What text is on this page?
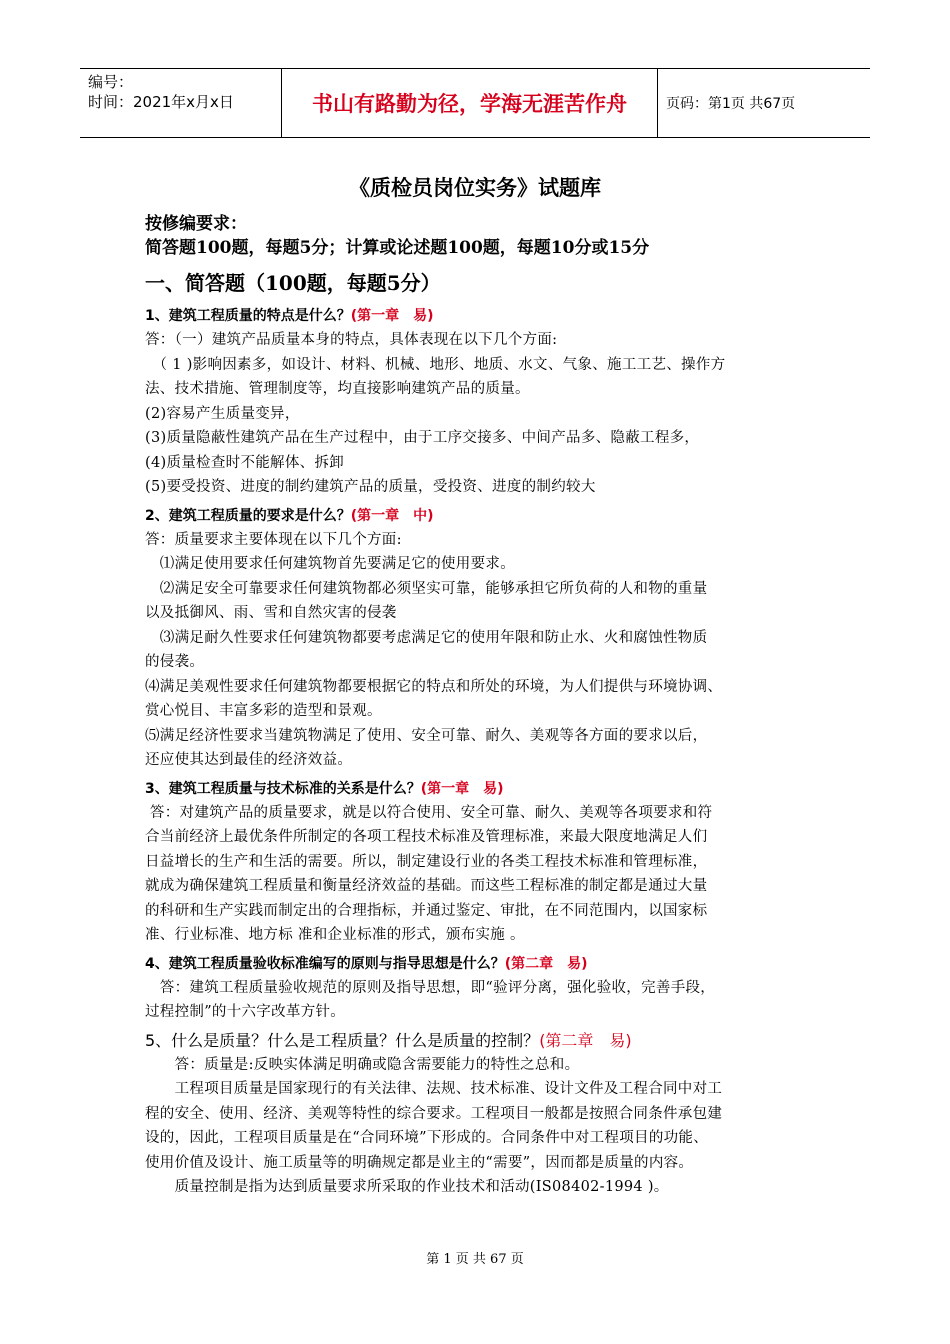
编号：
时间：2021年x月x日	书山有路勤为径，学海无涯苦作舟	页码：第1页 共67页
《质检员岗位实务》试题库
按修编要求：
简答题100题，每题5分；计算或论述题100题，每题10分或15分
一、简答题（100题，每题5分）
1、建筑工程质量的特点是什么？(第一章　易)

答：（一）建筑产品质量本身的特点，具体表现在以下几个方面:

　（ 1 )影响因素多，如设计、材料、机械、地形、地质、水文、气象、施工工艺、操作方

法、技术措施、管理制度等，均直接影响建筑产品的质量。

(2)容易产生质量变异，

(3)质量隐蔽性建筑产品在生产过程中，由于工序交接多、中间产品多、隐蔽工程多，

(4)质量检查时不能解体、拆卸

(5)要受投资、进度的制约建筑产品的质量，受投资、进度的制约较大

2、建筑工程质量的要求是什么？(第一章　中)

答：质量要求主要体现在以下几个方面:

　⑴满足使用要求任何建筑物首先要满足它的使用要求。

　⑵满足安全可靠要求任何建筑物都必须坚实可靠，能够承担它所负荷的人和物的重量

以及抵御风、雨、雪和自然灾害的侵袭

　⑶满足耐久性要求任何建筑物都要考虑满足它的使用年限和防止水、火和腐蚀性物质

的侵袭。

⑷满足美观性要求任何建筑物都要根据它的特点和所处的环境，为人们提供与环境协调、

赏心悦目、丰富多彩的造型和景观。

⑸满足经济性要求当建筑物满足了使用、安全可靠、耐久、美观等各方面的要求以后，

还应使其达到最佳的经济效益。

3、建筑工程质量与技术标准的关系是什么？(第一章　易)

答：对建筑产品的质量要求，就是以符合使用、安全可靠、耐久、美观等各项要求和符

合当前经济上最优条件所制定的各项工程技术标准及管理标准，来最大限度地满足人们

日益增长的生产和生活的需要。所以，制定建设行业的各类工程技术标准和管理标准，

就成为确保建筑工程质量和衡量经济效益的基础。而这些工程标准的制定都是通过大量

的科研和生产实践而制定出的合理指标，并通过鉴定、审批，在不同范围内，以国家标

准、行业标准、地方标 准和企业标准的形式，颁布实施 。

4、建筑工程质量验收标准编写的原则与指导思想是什么？(第二章　易)

　答：建筑工程质量验收规范的原则及指导思想，即“验评分离，强化验收，完善手段，

过程控制”的十六字改革方针。

5、什么是质量？什么是工程质量？什么是质量的控制？(第二章　易)

　　答：质量是:反映实体满足明确或隐含需要能力的特性之总和。

　　工程项目质量是国家现行的有关法律、法规、技术标准、设计文件及工程合同中对工

程的安全、使用、经济、美观等特性的综合要求。工程项目一般都是按照合同条件承包建

设的，因此，工程项目质量是在“合同环境”下形成的。合同条件中对工程项目的功能、

使用价值及设计、施工质量等的明确规定都是业主的“需要”，因而都是质量的内容。

　　质量控制是指为达到质量要求所采取的作业技术和活动(IS08402-1994 )。

第 1 页 共 67 页
